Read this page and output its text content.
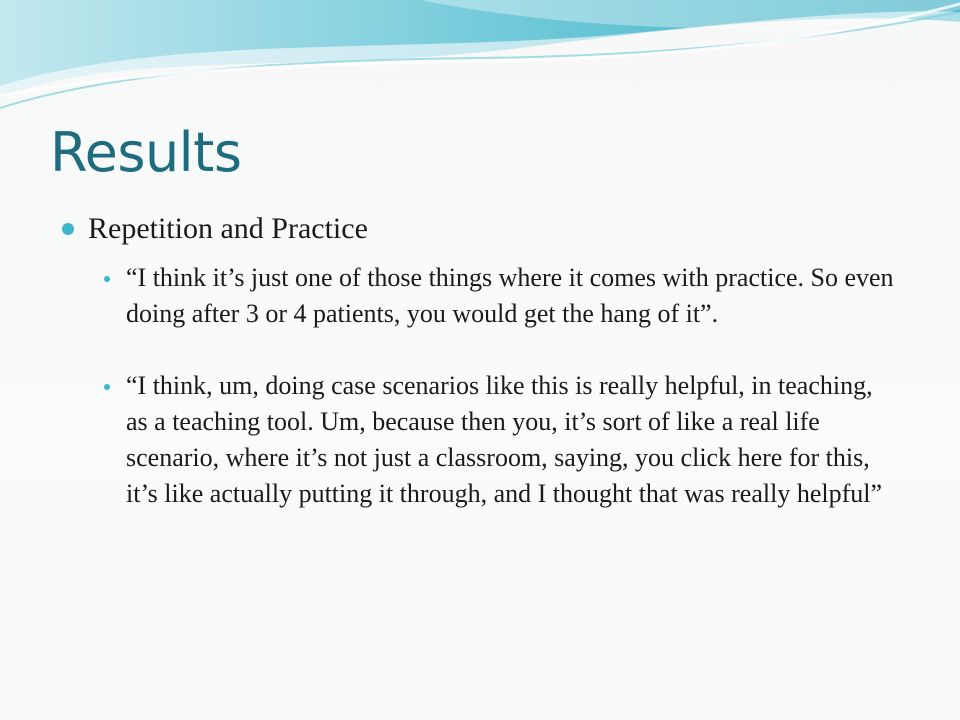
Results
Repetition and Practice
“I think it’s just one of those things where it comes with practice. So even doing after 3 or 4 patients, you would get the hang of it”.
“I think, um, doing case scenarios like this is really helpful, in teaching, as a teaching tool. Um, because then you, it’s sort of like a real life scenario, where it’s not just a classroom, saying, you click here for this, it’s like actually putting it through, and I thought that was really helpful”
